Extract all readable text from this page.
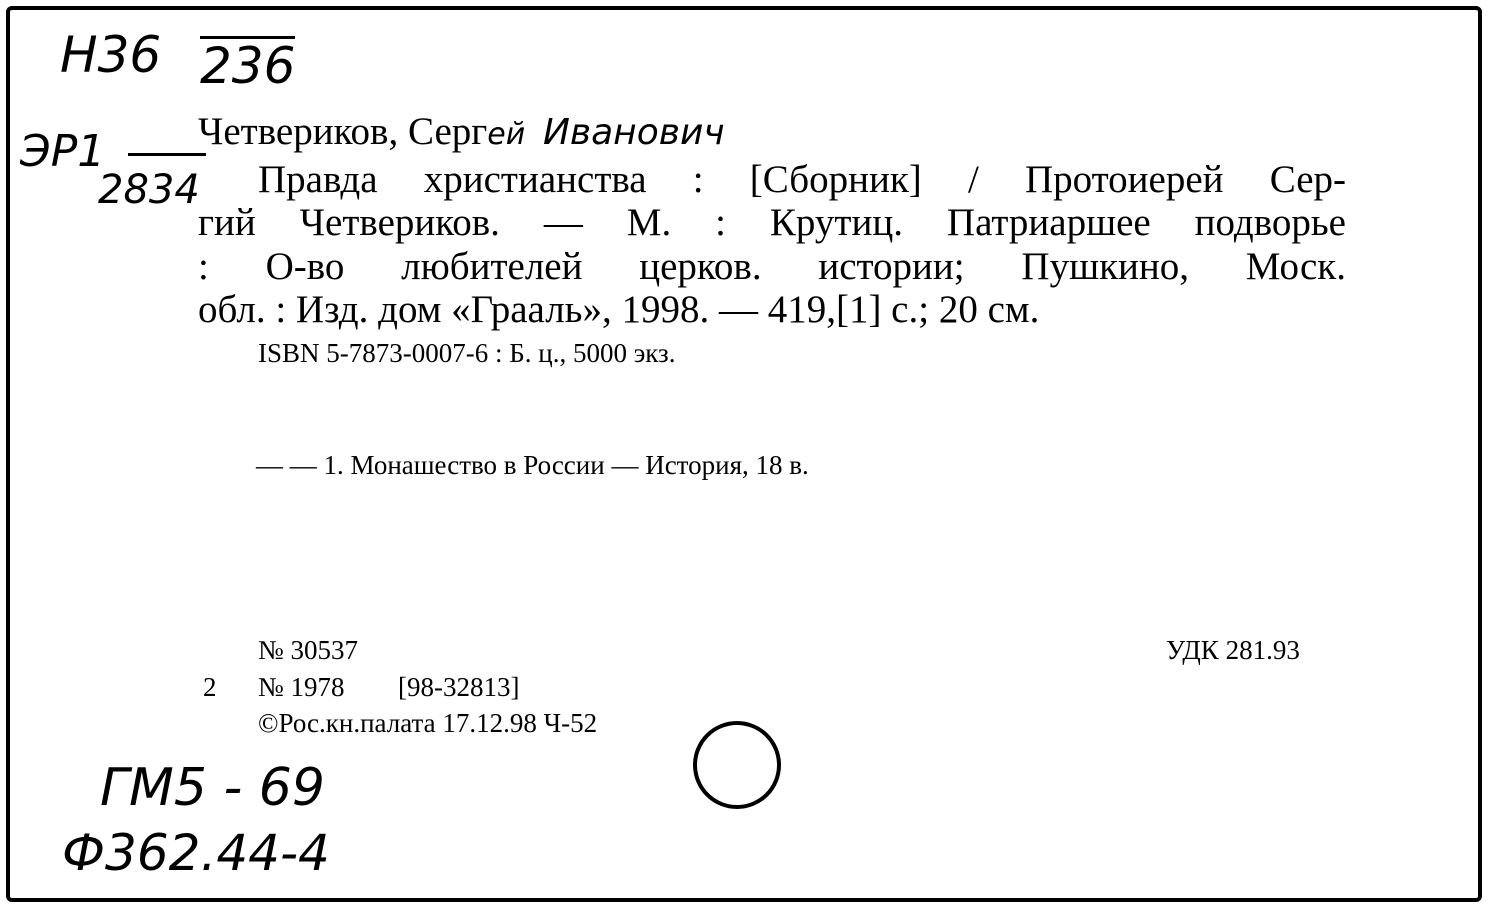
Н36 236
ЭР1
2834
Четвериков, Сергей Иванович
Правда христианства : [Сборник] / Протоиерей Сер-
гий Четвериков. — М. : Крутиц. Патриаршее подворье
: О-во любителей церков. истории; Пушкино, Моск.
обл. : Изд. дом «Грааль», 1998. — 419,[1] с.; 20 см.
ISBN 5-7873-0007-6 : Б. ц., 5000 экз.
— — 1. Монашество в России — История, 18 в.
№ 30537	УДК 281.93
2 № 1978 [98-32813]
©Рос.кн.палата 17.12.98 Ч-52
ГМ5 - 69
Ф362.44-4
